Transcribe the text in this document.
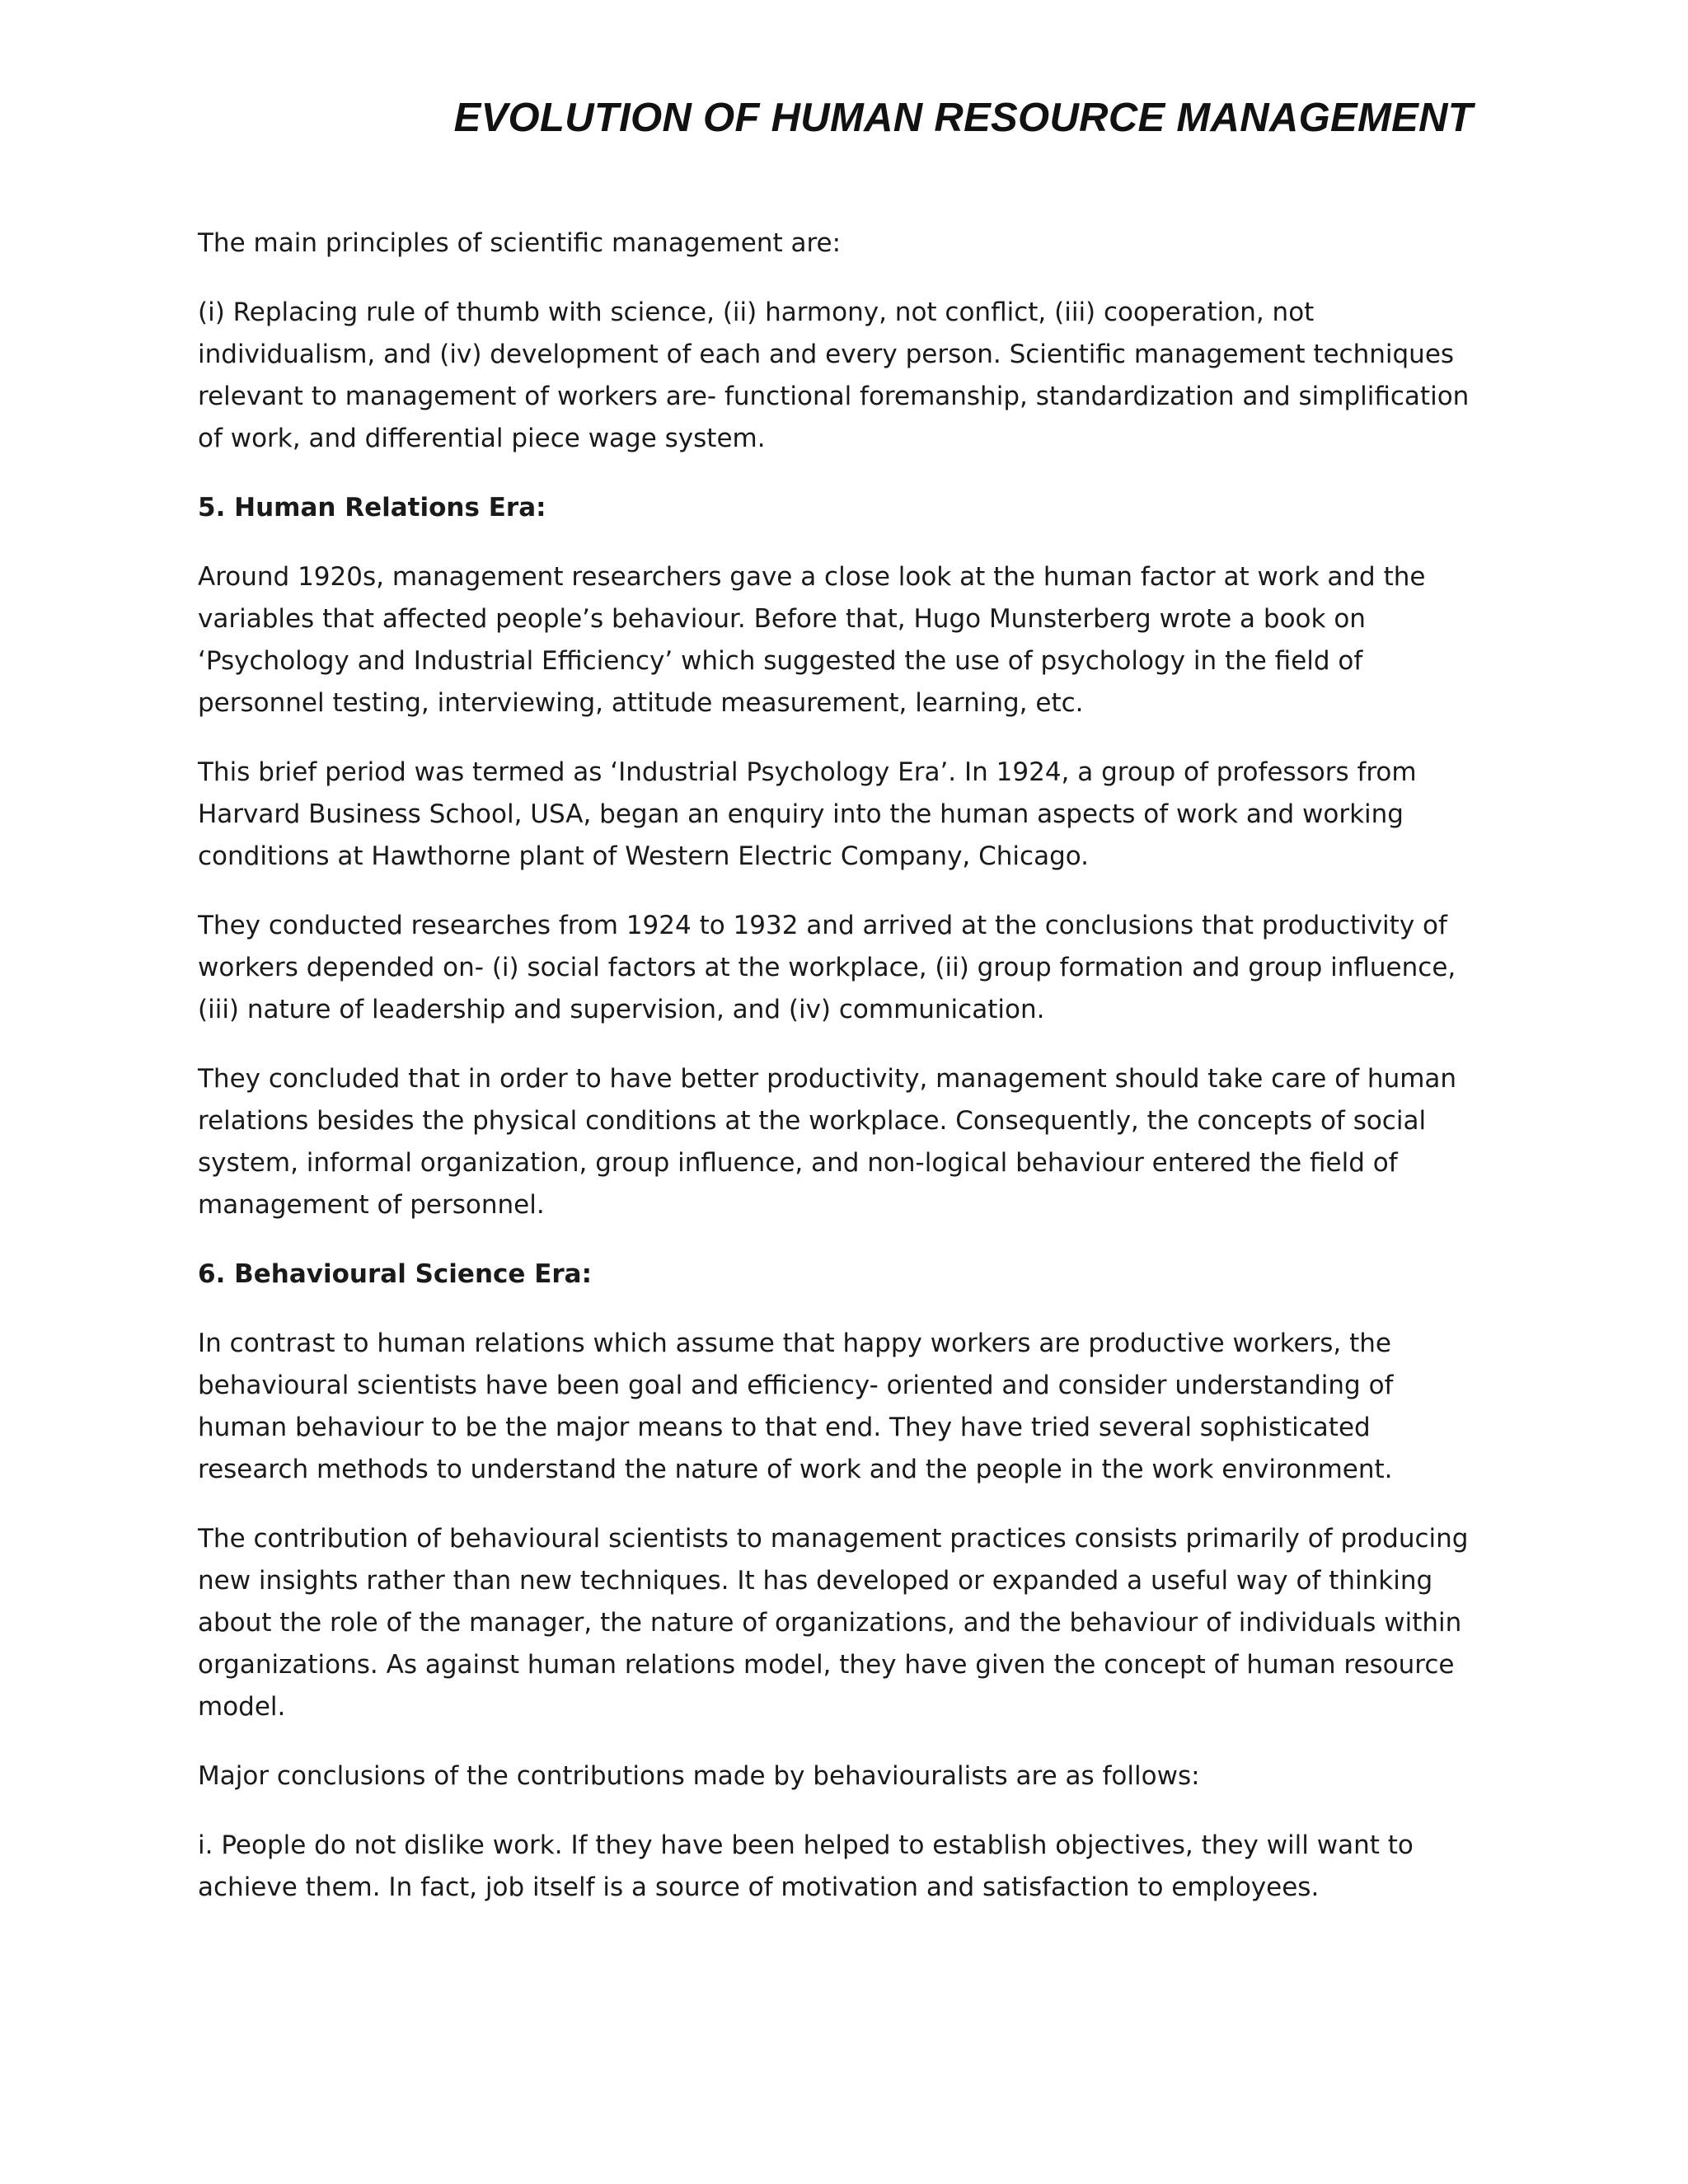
EVOLUTION OF HUMAN RESOURCE MANAGEMENT

The main principles of scientific management are:

(i) Replacing rule of thumb with science, (ii) harmony, not conflict, (iii) cooperation, not individualism, and (iv) development of each and every person. Scientific management techniques relevant to management of workers are- functional foremanship, standardization and simplification of work, and differential piece wage system.

5. Human Relations Era:

Around 1920s, management researchers gave a close look at the human factor at work and the variables that affected people’s behaviour. Before that, Hugo Munsterberg wrote a book on ‘Psychology and Industrial Efficiency’ which suggested the use of psychology in the field of personnel testing, interviewing, attitude measurement, learning, etc.

This brief period was termed as ‘Industrial Psychology Era’. In 1924, a group of professors from Harvard Business School, USA, began an enquiry into the human aspects of work and working conditions at Hawthorne plant of Western Electric Company, Chicago.

They conducted researches from 1924 to 1932 and arrived at the conclusions that productivity of workers depended on- (i) social factors at the workplace, (ii) group formation and group influence, (iii) nature of leadership and supervision, and (iv) communication.

They concluded that in order to have better productivity, management should take care of human relations besides the physical conditions at the workplace. Consequently, the concepts of social system, informal organization, group influence, and non-logical behaviour entered the field of management of personnel.

6. Behavioural Science Era:

In contrast to human relations which assume that happy workers are productive workers, the behavioural scientists have been goal and efficiency- oriented and consider understanding of human behaviour to be the major means to that end. They have tried several sophisticated research methods to understand the nature of work and the people in the work environment.

The contribution of behavioural scientists to management practices consists primarily of producing new insights rather than new techniques. It has developed or expanded a useful way of thinking about the role of the manager, the nature of organizations, and the behaviour of individuals within organizations. As against human relations model, they have given the concept of human resource model.

Major conclusions of the contributions made by behaviouralists are as follows:

i. People do not dislike work. If they have been helped to establish objectives, they will want to achieve them. In fact, job itself is a source of motivation and satisfaction to employees.
